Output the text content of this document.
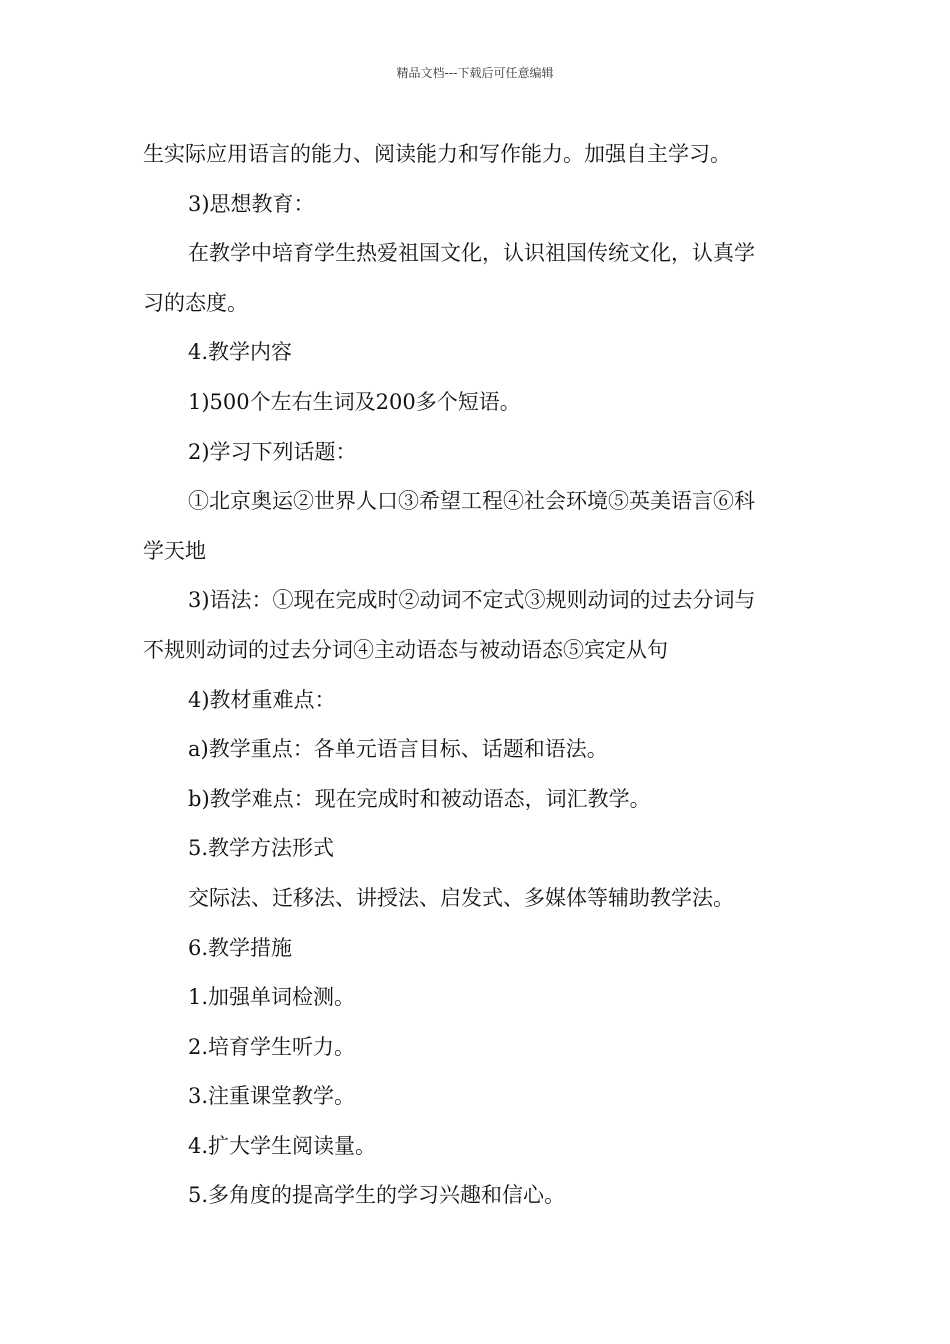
精品文档---下载后可任意编辑
生实际应用语言的能力、阅读能力和写作能力。加强自主学习。
3)思想教育：
在教学中培育学生热爱祖国文化，认识祖国传统文化，认真学
习的态度。
4.教学内容
1)500个左右生词及200多个短语。
2)学习下列话题：
①北京奥运②世界人口③希望工程④社会环境⑤英美语言⑥科
学天地
3)语法：①现在完成时②动词不定式③规则动词的过去分词与
不规则动词的过去分词④主动语态与被动语态⑤宾定从句
4)教材重难点：
a)教学重点：各单元语言目标、话题和语法。
b)教学难点：现在完成时和被动语态，词汇教学。
5.教学方法形式
交际法、迁移法、讲授法、启发式、多媒体等辅助教学法。
6.教学措施
1.加强单词检测。
2.培育学生听力。
3.注重课堂教学。
4.扩大学生阅读量。
5.多角度的提高学生的学习兴趣和信心。
